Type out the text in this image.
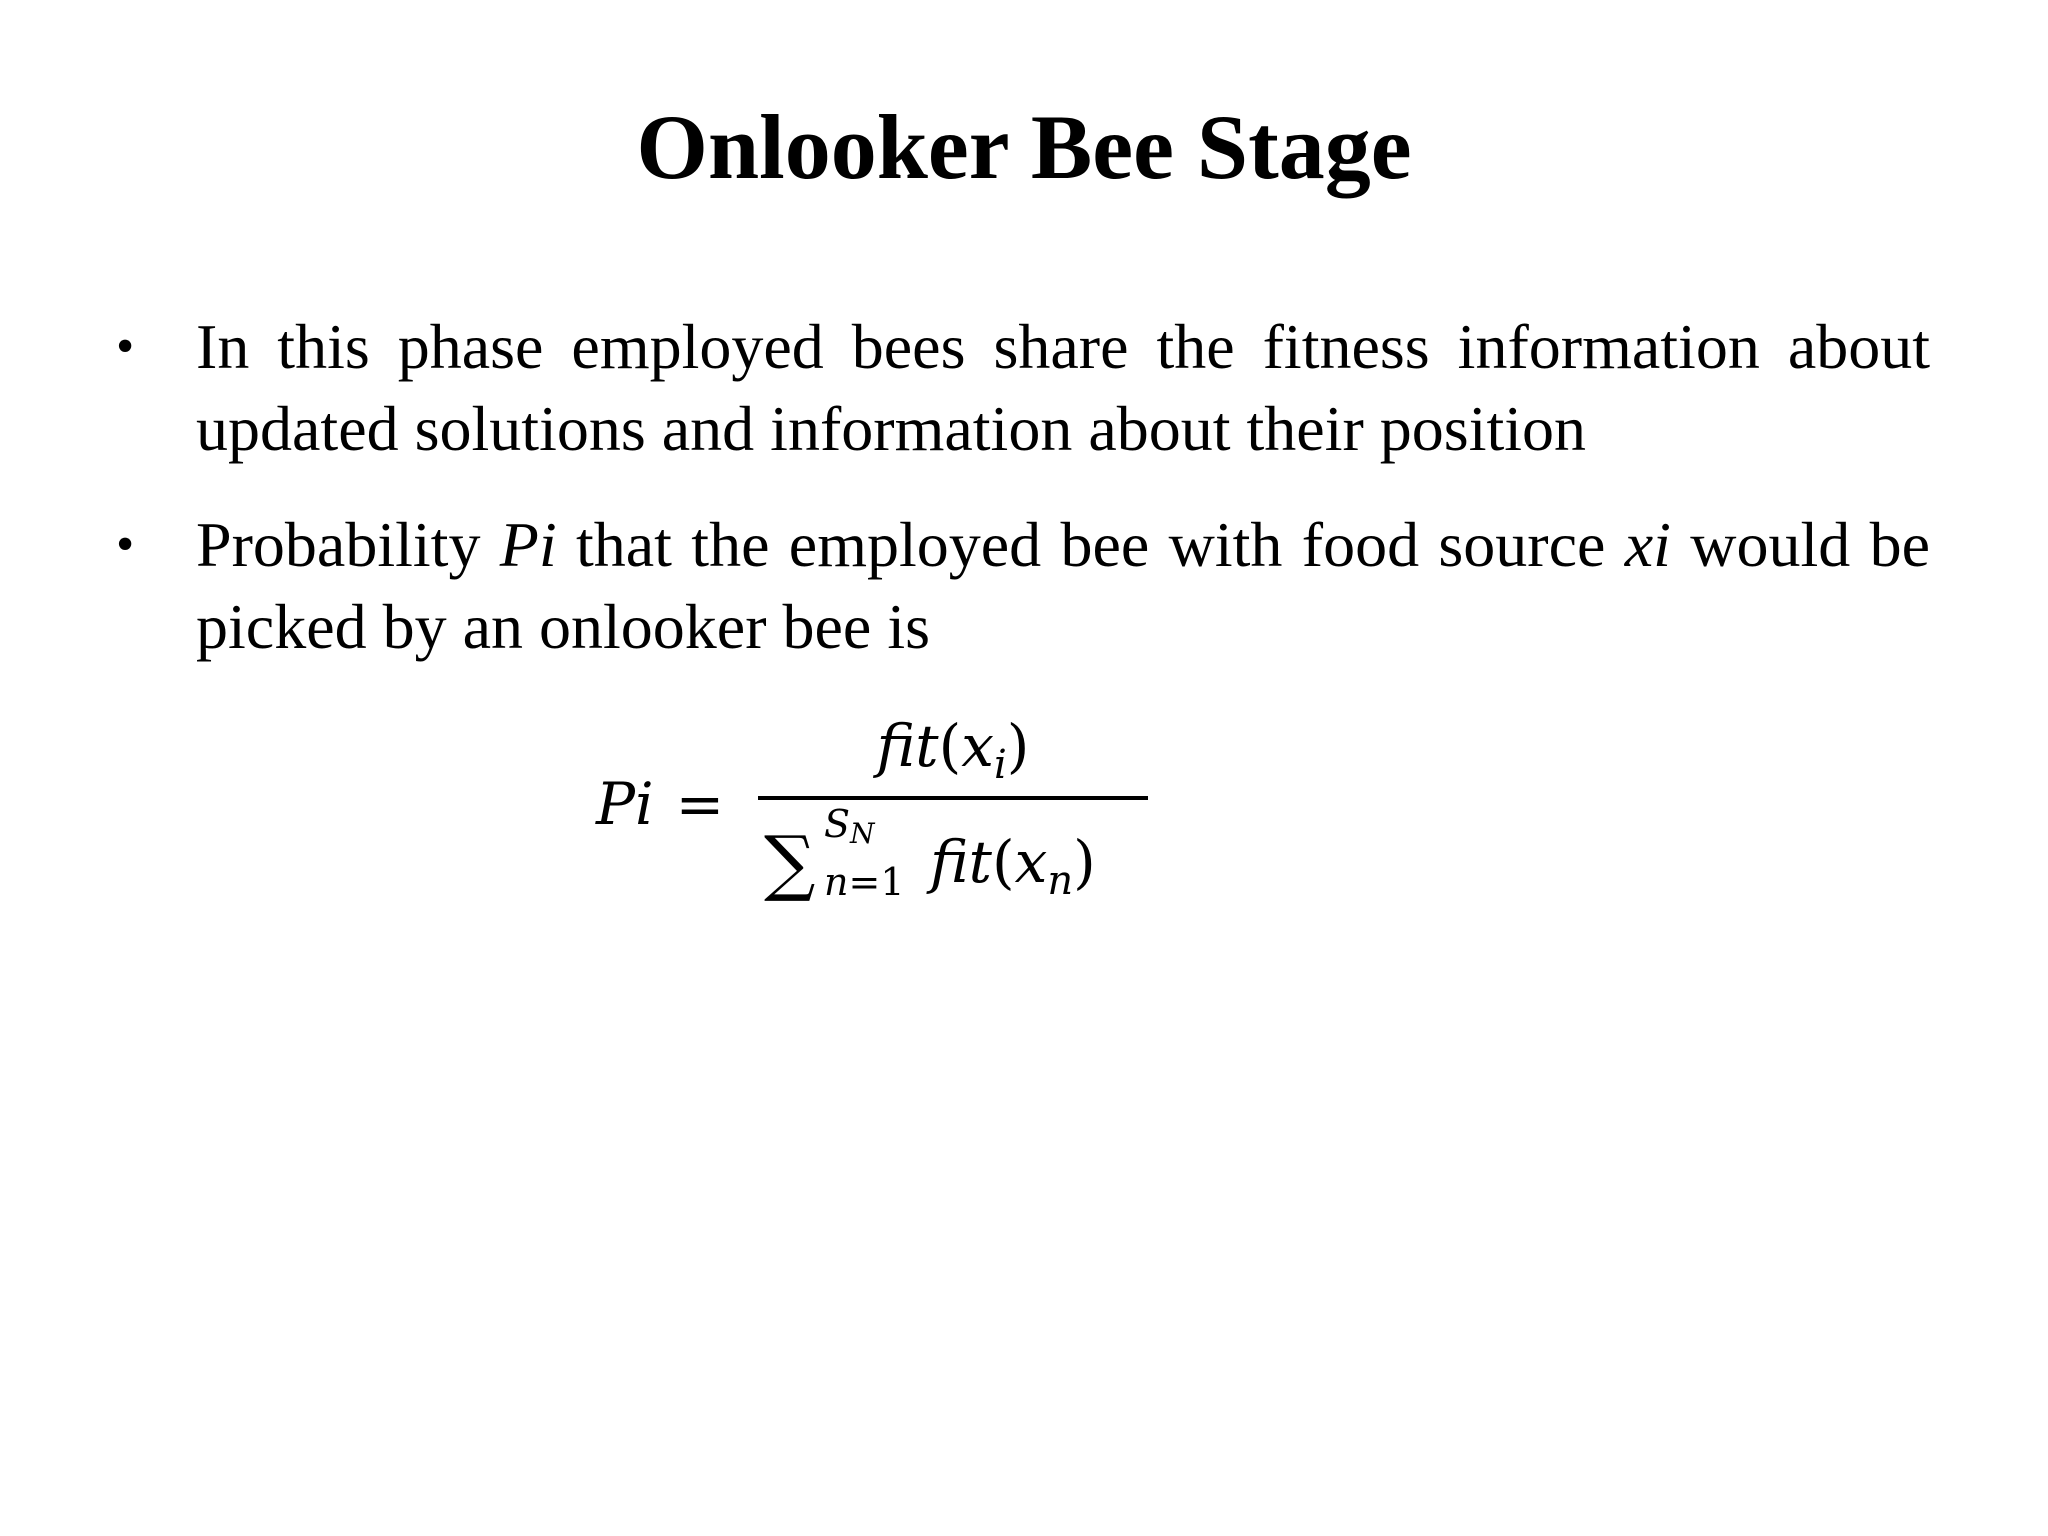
Onlooker Bee Stage
• In this phase employed bees share the fitness information about updated solutions and information about their position
• Probability Pi that the employed bee with food source xi would be picked by an onlooker bee is
Pi =
$fit(x_i)$
∑ SN
n=1 $fit(x_n)$
